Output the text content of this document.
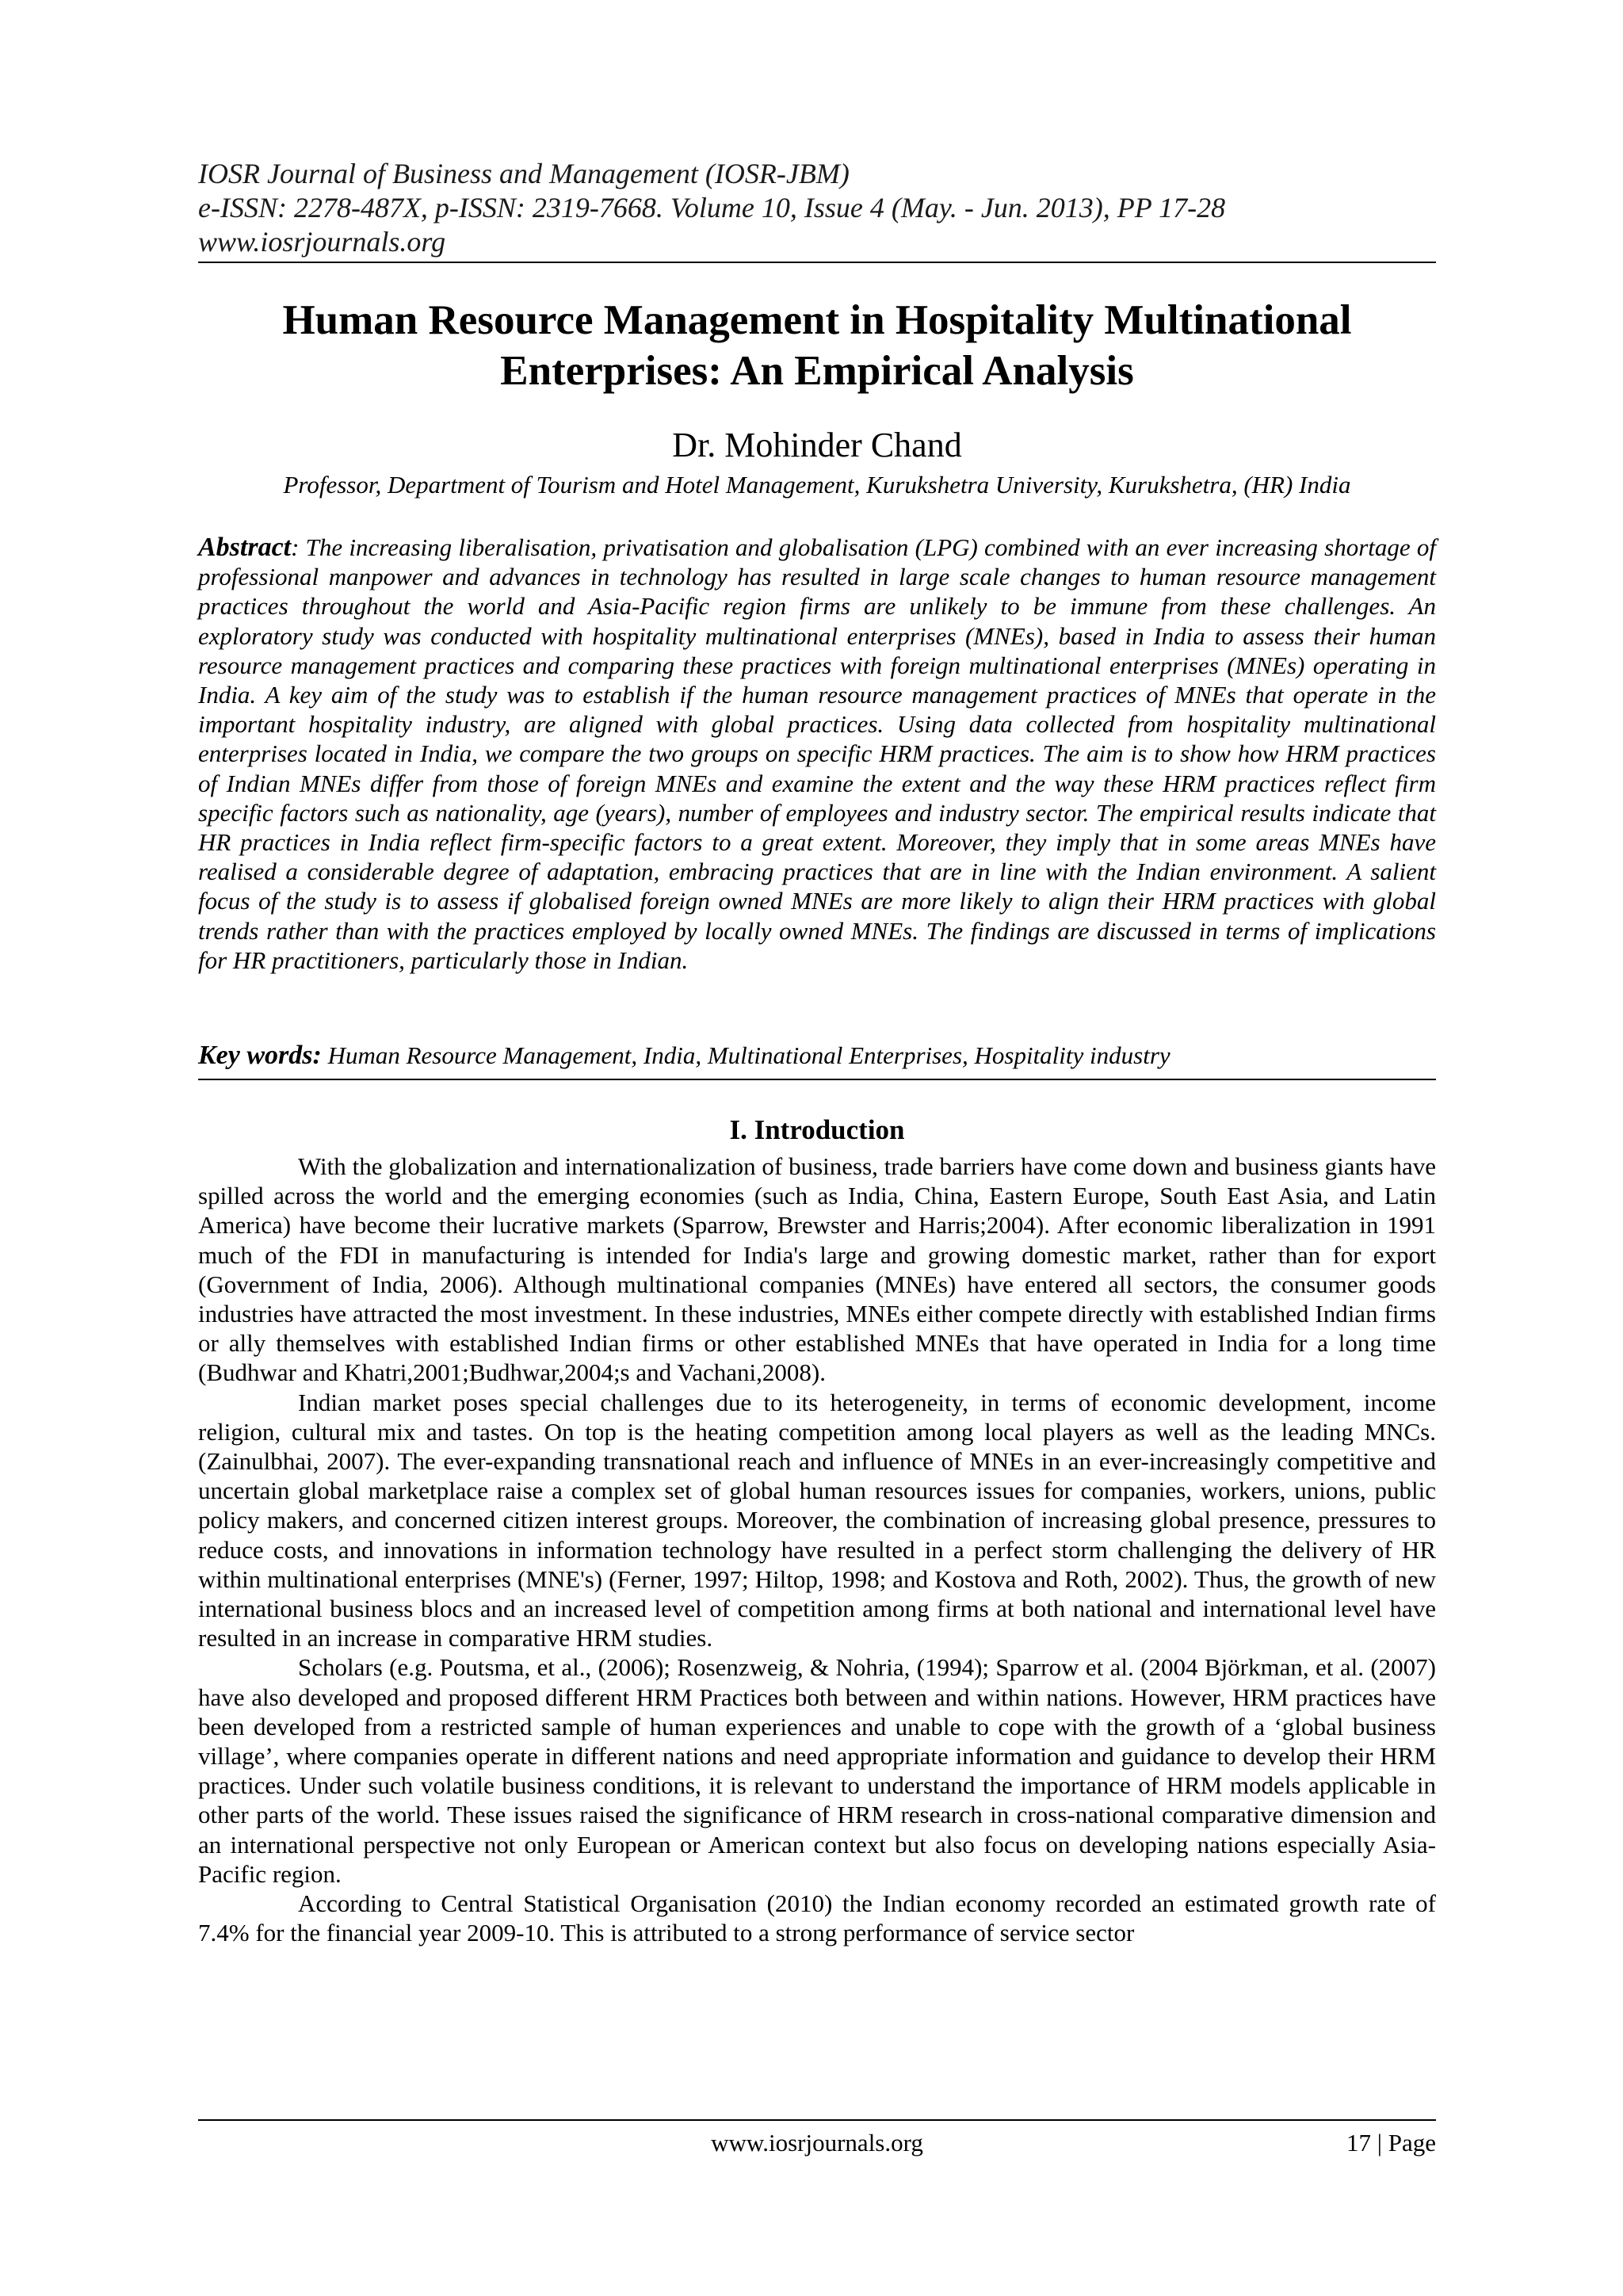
IOSR Journal of Business and Management (IOSR-JBM)
e-ISSN: 2278-487X, p-ISSN: 2319-7668. Volume 10, Issue 4 (May. - Jun. 2013), PP 17-28
www.iosrjournals.org
Human Resource Management in Hospitality Multinational
Enterprises: An Empirical Analysis
Dr. Mohinder Chand
Professor, Department of Tourism and Hotel Management, Kurukshetra University, Kurukshetra, (HR) India
Abstract: The increasing liberalisation, privatisation and globalisation (LPG) combined with an ever increasing shortage of professional manpower and advances in technology has resulted in large scale changes to human resource management practices throughout the world and Asia-Pacific region firms are unlikely to be immune from these challenges. An exploratory study was conducted with hospitality multinational enterprises (MNEs), based in India to assess their human resource management practices and comparing these practices with foreign multinational enterprises (MNEs) operating in India. A key aim of the study was to establish if the human resource management practices of MNEs that operate in the important hospitality industry, are aligned with global practices. Using data collected from hospitality multinational enterprises located in India, we compare the two groups on specific HRM practices. The aim is to show how HRM practices of Indian MNEs differ from those of foreign MNEs and examine the extent and the way these HRM practices reflect firm specific factors such as nationality, age (years), number of employees and industry sector. The empirical results indicate that HR practices in India reflect firm-specific factors to a great extent. Moreover, they imply that in some areas MNEs have realised a considerable degree of adaptation, embracing practices that are in line with the Indian environment. A salient focus of the study is to assess if globalised foreign owned MNEs are more likely to align their HRM practices with global trends rather than with the practices employed by locally owned MNEs. The findings are discussed in terms of implications for HR practitioners, particularly those in Indian.
Key words: Human Resource Management, India, Multinational Enterprises, Hospitality industry
I. Introduction

With the globalization and internationalization of business, trade barriers have come down and business giants have spilled across the world and the emerging economies (such as India, China, Eastern Europe, South East Asia, and Latin America) have become their lucrative markets (Sparrow, Brewster and Harris;2004). After economic liberalization in 1991 much of the FDI in manufacturing is intended for India's large and growing domestic market, rather than for export (Government of India, 2006). Although multinational companies (MNEs) have entered all sectors, the consumer goods industries have attracted the most investment. In these industries, MNEs either compete directly with established Indian firms or ally themselves with established Indian firms or other established MNEs that have operated in India for a long time (Budhwar and Khatri,2001;Budhwar,2004;s and Vachani,2008).

Indian market poses special challenges due to its heterogeneity, in terms of economic development, income religion, cultural mix and tastes. On top is the heating competition among local players as well as the leading MNCs. (Zainulbhai, 2007). The ever-expanding transnational reach and influence of MNEs in an ever-increasingly competitive and uncertain global marketplace raise a complex set of global human resources issues for companies, workers, unions, public policy makers, and concerned citizen interest groups. Moreover, the combination of increasing global presence, pressures to reduce costs, and innovations in information technology have resulted in a perfect storm challenging the delivery of HR within multinational enterprises (MNE's) (Ferner, 1997; Hiltop, 1998; and Kostova and Roth, 2002). Thus, the growth of new international business blocs and an increased level of competition among firms at both national and international level have resulted in an increase in comparative HRM studies.

Scholars (e.g. Poutsma, et al., (2006); Rosenzweig, & Nohria, (1994); Sparrow et al. (2004 Björkman, et al. (2007) have also developed and proposed different HRM Practices both between and within nations. However, HRM practices have been developed from a restricted sample of human experiences and unable to cope with the growth of a ‘global business village’, where companies operate in different nations and need appropriate information and guidance to develop their HRM practices. Under such volatile business conditions, it is relevant to understand the importance of HRM models applicable in other parts of the world. These issues raised the significance of HRM research in cross-national comparative dimension and an international perspective not only European or American context but also focus on developing nations especially Asia-Pacific region.

According to Central Statistical Organisation (2010) the Indian economy recorded an estimated growth rate of 7.4% for the financial year 2009-10. This is attributed to a strong performance of service sector

www.iosrjournals.org	17 | Page
